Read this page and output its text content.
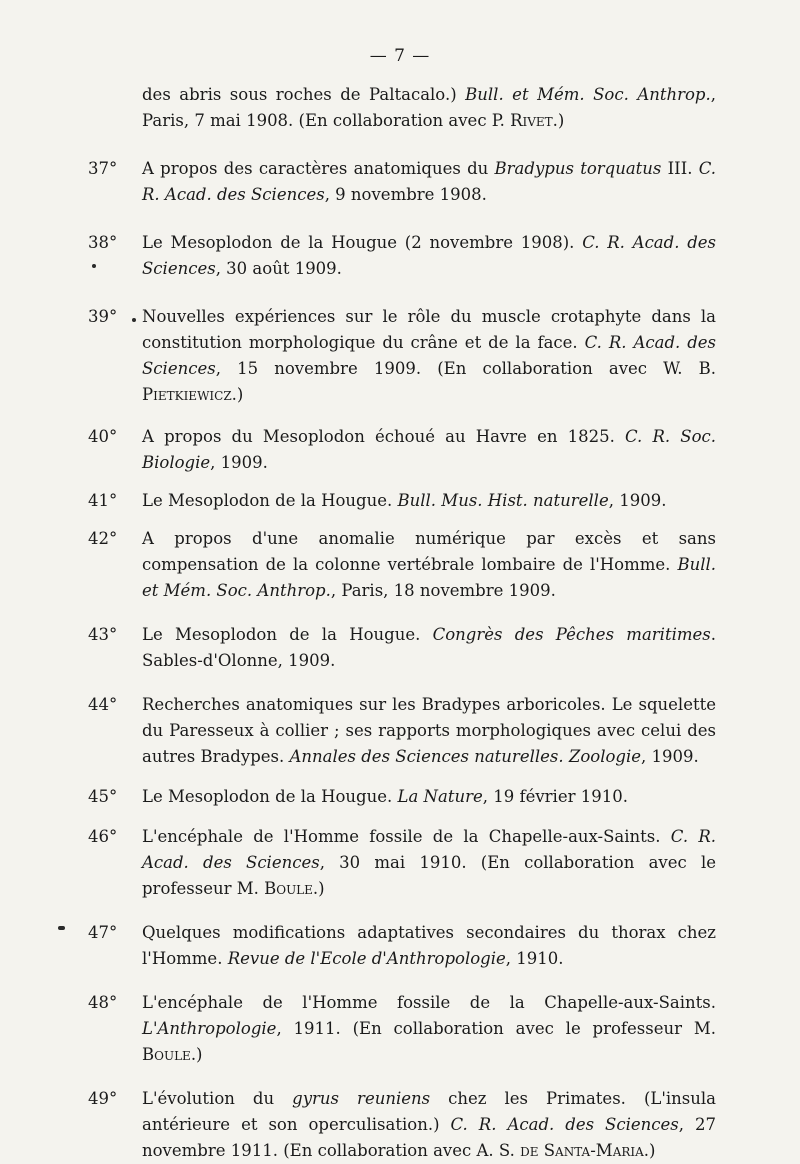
— 7 —

des abris sous roches de Paltacalo.) Bull. et Mém. Soc. Anthrop., Paris, 7 mai 1908. (En collaboration avec P. Rivet.)

37° A propos des caractères anatomiques du Bradypus torquatus III. C. R. Acad. des Sciences, 9 novembre 1908.
38° Le Mesoplodon de la Hougue (2 novembre 1908). C. R. Acad. des Sciences, 30 août 1909.
39° Nouvelles expériences sur le rôle du muscle crotaphyte dans la constitution morphologique du crâne et de la face. C. R. Acad. des Sciences, 15 novembre 1909. (En collaboration avec W. B. Pietkiewicz.)
40° A propos du Mesoplodon échoué au Havre en 1825. C. R. Soc. Biologie, 1909.
41° Le Mesoplodon de la Hougue. Bull. Mus. Hist. naturelle, 1909.
42° A propos d'une anomalie numérique par excès et sans compensation de la colonne vertébrale lombaire de l'Homme. Bull. et Mém. Soc. Anthrop., Paris, 18 novembre 1909.
43° Le Mesoplodon de la Hougue. Congrès des Pêches maritimes. Sables-d'Olonne, 1909.
44° Recherches anatomiques sur les Bradypes arboricoles. Le squelette du Paresseux à collier ; ses rapports morphologiques avec celui des autres Bradypes. Annales des Sciences naturelles. Zoologie, 1909.
45° Le Mesoplodon de la Hougue. La Nature, 19 février 1910.
46° L'encéphale de l'Homme fossile de la Chapelle-aux-Saints. C. R. Acad. des Sciences, 30 mai 1910. (En collaboration avec le professeur M. Boule.)
47° Quelques modifications adaptatives secondaires du thorax chez l'Homme. Revue de l'Ecole d'Anthropologie, 1910.
48° L'encéphale de l'Homme fossile de la Chapelle-aux-Saints. L'Anthropologie, 1911. (En collaboration avec le professeur M. Boule.)
49° L'évolution du gyrus reuniens chez les Primates. (L'insula antérieure et son operculisation.) C. R. Acad. des Sciences, 27 novembre 1911. (En collaboration avec A. S. de Santa-Maria.)
